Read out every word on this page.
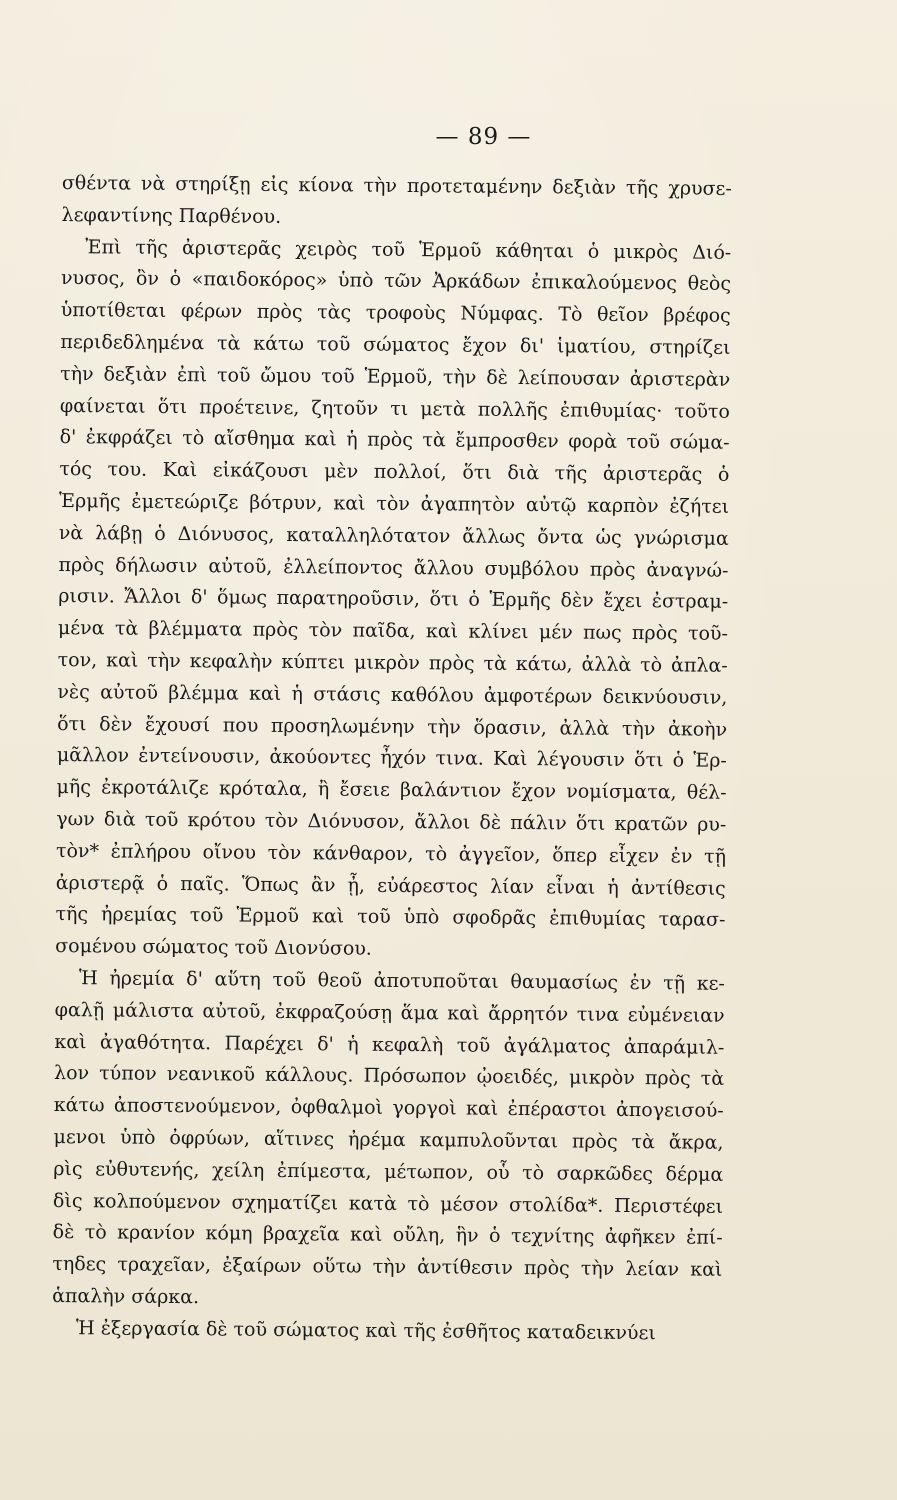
— 89 —
σθέντα νὰ στηρίξῃ εἰς κίονα τὴν προτεταμένην δεξιὰν τῆς χρυσε-
λεφαντίνης Παρθένου.
Ἐπὶ τῆς ἀριστερᾶς χειρὸς τοῦ Ἑρμοῦ κάθηται ὁ μικρὸς Διό-
νυσος, ὃν ὁ «παιδοκόρος» ὑπὸ τῶν Ἀρκάδων ἐπικαλούμενος θεὸς
ὑποτίθεται φέρων πρὸς τὰς τροφοὺς Νύμφας. Τὸ θεῖον βρέφος
περιδεδλημένα τὰ κάτω τοῦ σώματος ἔχον δι' ἱματίου, στηρίζει
τὴν δεξιὰν ἐπὶ τοῦ ὤμου τοῦ Ἑρμοῦ, τὴν δὲ λείπουσαν ἀριστερὰν
φαίνεται ὅτι προέτεινε, ζητοῦν τι μετὰ πολλῆς ἐπιθυμίας· τοῦτο
δ' ἐκφράζει τὸ αἴσθημα καὶ ἡ πρὸς τὰ ἔμπροσθεν φορὰ τοῦ σώμα-
τός του. Καὶ εἰκάζουσι μὲν πολλοί, ὅτι διὰ τῆς ἀριστερᾶς ὁ
Ἑρμῆς ἐμετεώριζε βότρυν, καὶ τὸν ἀγαπητὸν αὐτῷ καρπὸν ἐζήτει
νὰ λάβῃ ὁ Διόνυσος, καταλληλότατον ἄλλως ὄντα ὡς γνώρισμα
πρὸς δήλωσιν αὐτοῦ, ἐλλείποντος ἄλλου συμβόλου πρὸς ἀναγνώ-
ρισιν. Ἄλλοι δ' ὅμως παρατηροῦσιν, ὅτι ὁ Ἑρμῆς δὲν ἔχει ἐστραμ-
μένα τὰ βλέμματα πρὸς τὸν παῖδα, καὶ κλίνει μέν πως πρὸς τοῦ-
τον, καὶ τὴν κεφαλὴν κύπτει μικρὸν πρὸς τὰ κάτω, ἀλλὰ τὸ ἀπλα-
νὲς αὐτοῦ βλέμμα καὶ ἡ στάσις καθόλου ἀμφοτέρων δεικνύουσιν,
ὅτι δὲν ἔχουσί που προσηλωμένην τὴν ὅρασιν, ἀλλὰ τὴν ἀκοὴν
μᾶλλον ἐντείνουσιν, ἀκούοντες ἦχόν τινα. Καὶ λέγουσιν ὅτι ὁ Ἑρ-
μῆς ἐκροτάλιζε κρόταλα, ἢ ἔσειε βαλάντιον ἔχον νομίσματα, θέλ-
γων διὰ τοῦ κρότου τὸν Διόνυσον, ἄλλοι δὲ πάλιν ὅτι κρατῶν ρυ-
τὸν* ἐπλήρου οἴνου τὸν κάνθαρον, τὸ ἀγγεῖον, ὅπερ εἶχεν ἐν τῇ
ἀριστερᾷ ὁ παῖς. Ὅπως ἂν ᾖ, εὐάρεστος λίαν εἶναι ἡ ἀντίθεσις
τῆς ἠρεμίας τοῦ Ἑρμοῦ καὶ τοῦ ὑπὸ σφοδρᾶς ἐπιθυμίας ταρασ-
σομένου σώματος τοῦ Διονύσου.
Ἡ ἠρεμία δ' αὕτη τοῦ θεοῦ ἀποτυποῦται θαυμασίως ἐν τῇ κε-
φαλῇ μάλιστα αὐτοῦ, ἐκφραζούσῃ ἅμα καὶ ἄρρητόν τινα εὐμένειαν
καὶ ἀγαθότητα. Παρέχει δ' ἡ κεφαλὴ τοῦ ἀγάλματος ἀπαράμιλ-
λον τύπον νεανικοῦ κάλλους. Πρόσωπον ᾠοειδές, μικρὸν πρὸς τὰ
κάτω ἀποστενούμενον, ὀφθαλμοὶ γοργοὶ καὶ ἐπέραστοι ἀπογεισού-
μενοι ὑπὸ ὀφρύων, αἵτινες ἠρέμα καμπυλοῦνται πρὸς τὰ ἄκρα,
ρὶς εὐθυτενής, χείλη ἐπίμεστα, μέτωπον, οὗ τὸ σαρκῶδες δέρμα
δὶς κολπούμενον σχηματίζει κατὰ τὸ μέσον στολίδα*. Περιστέφει
δὲ τὸ κρανίον κόμη βραχεῖα καὶ οὔλη, ἣν ὁ τεχνίτης ἀφῆκεν ἐπί-
τηδες τραχεῖαν, ἐξαίρων οὕτω τὴν ἀντίθεσιν πρὸς τὴν λείαν καὶ
ἁπαλὴν σάρκα.
Ἡ ἐξεργασία δὲ τοῦ σώματος καὶ τῆς ἐσθῆτος καταδεικνύει
